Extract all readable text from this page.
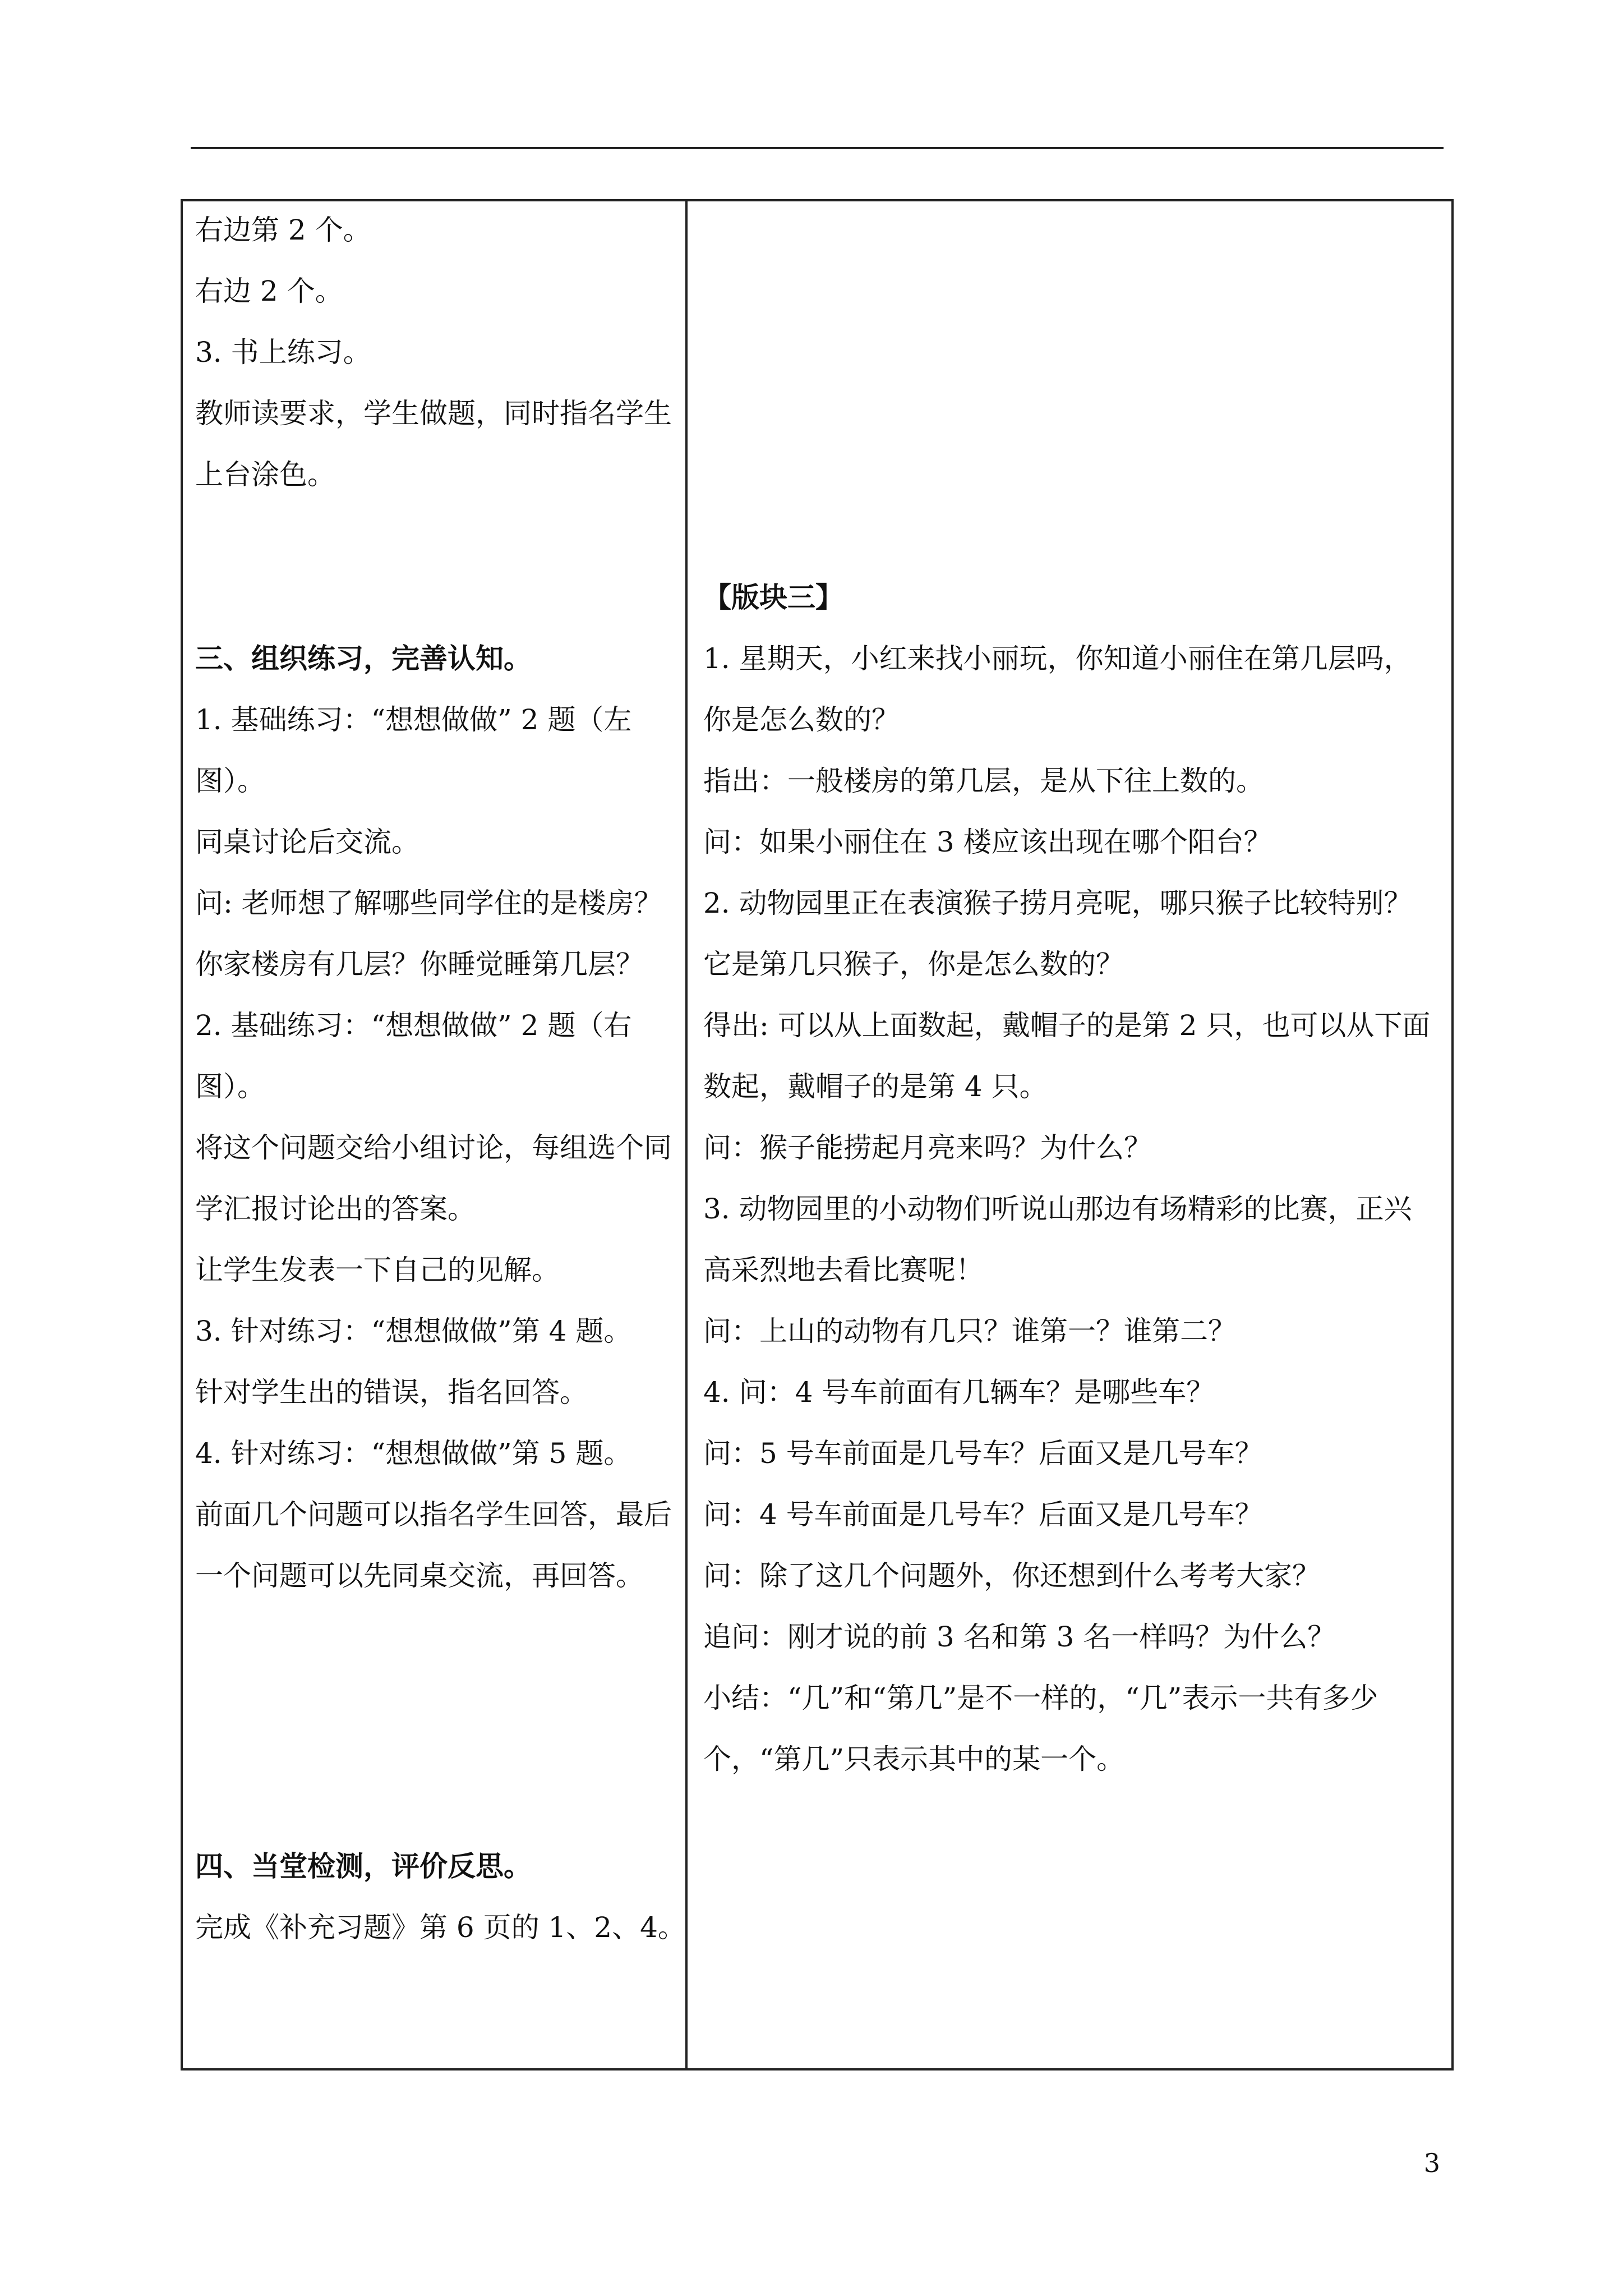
右边第 2 个。
右边 2 个。
3. 书上练习。
教师读要求，学生做题，同时指名学生
上台涂色。
三、组织练习，完善认知。
1. 基础练习：“想想做做” 2 题（左
图）。
同桌讨论后交流。
问: 老师想了解哪些同学住的是楼房？
你家楼房有几层？你睡觉睡第几层？
2. 基础练习：“想想做做” 2 题（右
图）。
将这个问题交给小组讨论，每组选个同
学汇报讨论出的答案。
让学生发表一下自己的见解。
3. 针对练习：“想想做做”第 4 题。
针对学生出的错误，指名回答。
4. 针对练习：“想想做做”第 5 题。
前面几个问题可以指名学生回答，最后
一个问题可以先同桌交流，再回答。
四、当堂检测，评价反思。
完成《补充习题》第 6 页的 1、2、4。
【版块三】
1. 星期天，小红来找小丽玩，你知道小丽住在第几层吗，
你是怎么数的？
指出：一般楼房的第几层，是从下往上数的。
问：如果小丽住在 3 楼应该出现在哪个阳台？
2. 动物园里正在表演猴子捞月亮呢，哪只猴子比较特别？
它是第几只猴子，你是怎么数的？
得出: 可以从上面数起，戴帽子的是第 2 只，也可以从下面
数起，戴帽子的是第 4 只。
问：猴子能捞起月亮来吗？为什么？
3. 动物园里的小动物们听说山那边有场精彩的比赛，正兴
高采烈地去看比赛呢！
问：上山的动物有几只？谁第一？谁第二？
4. 问：4 号车前面有几辆车？是哪些车？
问：5 号车前面是几号车？后面又是几号车？
问：4 号车前面是几号车？后面又是几号车？
问：除了这几个问题外，你还想到什么考考大家？
追问：刚才说的前 3 名和第 3 名一样吗？为什么？
小结：“几”和“第几”是不一样的，“几”表示一共有多少
个，“第几”只表示其中的某一个。
3
